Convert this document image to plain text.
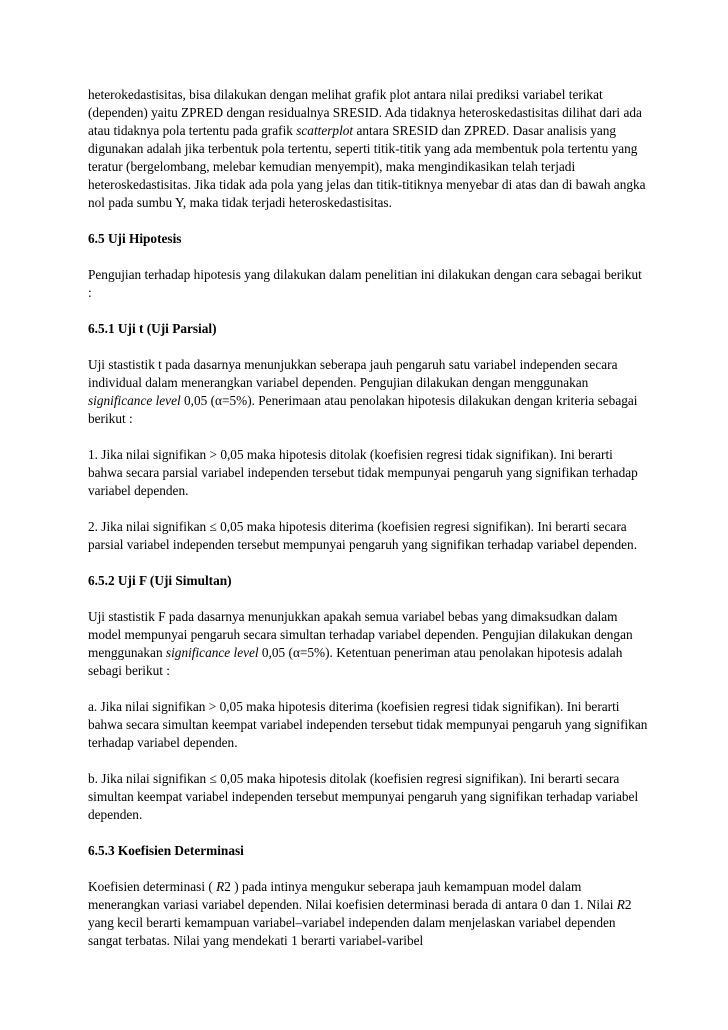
heterokedastisitas, bisa dilakukan dengan melihat grafik plot antara nilai prediksi variabel terikat (dependen) yaitu ZPRED dengan residualnya SRESID. Ada tidaknya heteroskedastisitas dilihat dari ada atau tidaknya pola tertentu pada grafik scatterplot antara SRESID dan ZPRED. Dasar analisis yang digunakan adalah jika terbentuk pola tertentu, seperti titik-titik yang ada membentuk pola tertentu yang teratur (bergelombang, melebar kemudian menyempit), maka mengindikasikan telah terjadi heteroskedastisitas. Jika tidak ada pola yang jelas dan titik-titiknya menyebar di atas dan di bawah angka nol pada sumbu Y, maka tidak terjadi heteroskedastisitas.

6.5 Uji Hipotesis

Pengujian terhadap hipotesis yang dilakukan dalam penelitian ini dilakukan dengan cara sebagai berikut :

6.5.1 Uji t (Uji Parsial)

Uji stastistik t pada dasarnya menunjukkan seberapa jauh pengaruh satu variabel independen secara individual dalam menerangkan variabel dependen. Pengujian dilakukan dengan menggunakan significance level 0,05 (α=5%). Penerimaan atau penolakan hipotesis dilakukan dengan kriteria sebagai berikut :

1. Jika nilai signifikan > 0,05 maka hipotesis ditolak (koefisien regresi tidak signifikan). Ini berarti bahwa secara parsial variabel independen tersebut tidak mempunyai pengaruh yang signifikan terhadap variabel dependen.

2. Jika nilai signifikan ≤ 0,05 maka hipotesis diterima (koefisien regresi signifikan). Ini berarti secara parsial variabel independen tersebut mempunyai pengaruh yang signifikan terhadap variabel dependen.

6.5.2 Uji F (Uji Simultan)

Uji stastistik F pada dasarnya menunjukkan apakah semua variabel bebas yang dimaksudkan dalam model mempunyai pengaruh secara simultan terhadap variabel dependen. Pengujian dilakukan dengan menggunakan significance level 0,05 (α=5%). Ketentuan peneriman atau penolakan hipotesis adalah sebagi berikut :

a. Jika nilai signifikan > 0,05 maka hipotesis diterima (koefisien regresi tidak signifikan). Ini berarti bahwa secara simultan keempat variabel independen tersebut tidak mempunyai pengaruh yang signifikan terhadap variabel dependen.

b. Jika nilai signifikan ≤ 0,05 maka hipotesis ditolak (koefisien regresi signifikan). Ini berarti secara simultan keempat variabel independen tersebut mempunyai pengaruh yang signifikan terhadap variabel dependen.

6.5.3 Koefisien Determinasi

Koefisien determinasi ( R2 ) pada intinya mengukur seberapa jauh kemampuan model dalam menerangkan variasi variabel dependen. Nilai koefisien determinasi berada di antara 0 dan 1. Nilai R2 yang kecil berarti kemampuan variabel–variabel independen dalam menjelaskan variabel dependen sangat terbatas. Nilai yang mendekati 1 berarti variabel-varibel
